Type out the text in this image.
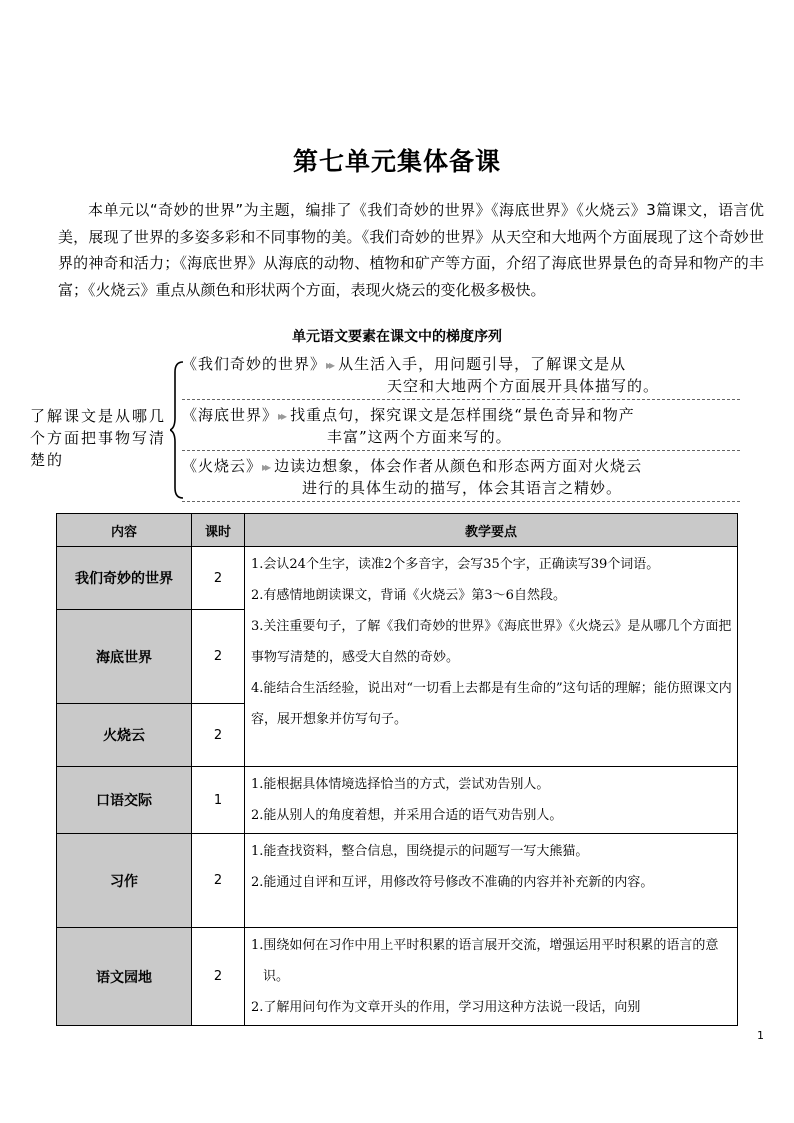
第七单元集体备课
本单元以“奇妙的世界”为主题，编排了《我们奇妙的世界》《海底世界》《火烧云》3篇课文，语言优美，展现了世界的多姿多彩和不同事物的美。《我们奇妙的世界》从天空和大地两个方面展现了这个奇妙世界的神奇和活力；《海底世界》从海底的动物、植物和矿产等方面，介绍了海底世界景色的奇异和物产的丰富；《火烧云》重点从颜色和形状两个方面，表现火烧云的变化极多极快。
单元语文要素在课文中的梯度序列
了解课文是从哪几个方面把事物写清楚的
《我们奇妙的世界》▸▸ 从生活入手，用问题引导，了解课文是从
天空和大地两个方面展开具体描写的。
《海底世界》▸▸ 找重点句，探究课文是怎样围绕“景色奇异和物产
丰富”这两个方面来写的。
《火烧云》▸▸ 边读边想象，体会作者从颜色和形态两方面对火烧云
进行的具体生动的描写，体会其语言之精妙。
内容	课时	教学要点
我们奇妙的世界	2	1.会认24个生字，读准2个多音字，会写35个字，正确读写39个词语。
2.有感情地朗读课文，背诵《火烧云》第3～6自然段。
3.关注重要句子，了解《我们奇妙的世界》《海底世界》《火烧云》是从哪几个方面把事物写清楚的，感受大自然的奇妙。
4.能结合生活经验，说出对“一切看上去都是有生命的”这句话的理解；能仿照课文内容，展开想象并仿写句子。

海底世界	2	
火烧云	2	
口语交际	1	1.能根据具体情境选择恰当的方式，尝试劝告别人。
2.能从别人的角度着想，并采用合适的语气劝告别人。

习作	2	1.能查找资料，整合信息，围绕提示的问题写一写大熊猫。
2.能通过自评和互评，用修改符号修改不准确的内容并补充新的内容。

语文园地	2	1.围绕如何在习作中用上平时积累的语言展开交流，增强运用平时积累的语言的意识。
2.了解用问句作为文章开头的作用，学习用这种方法说一段话，向别
1
